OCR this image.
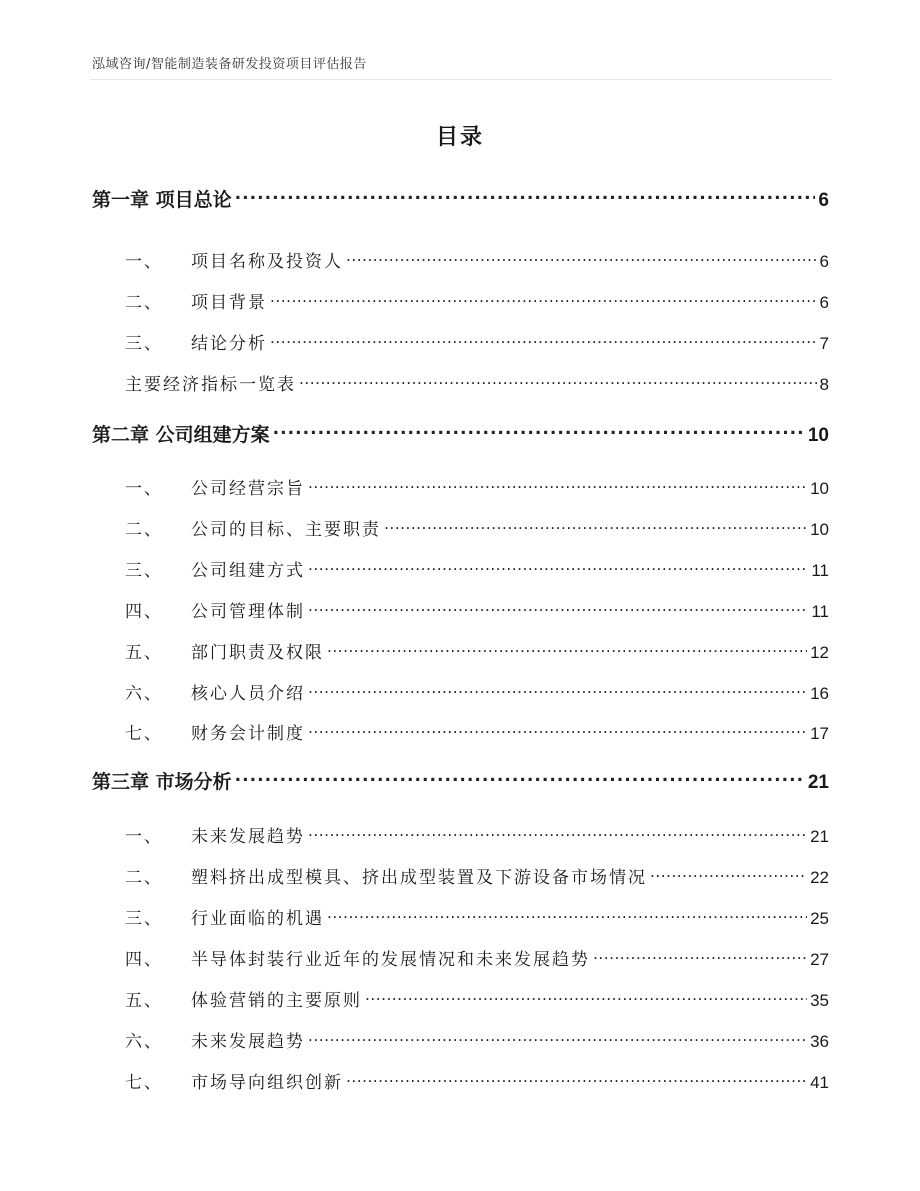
泓域咨询/智能制造装备研发投资项目评估报告
目录
第一章 项目总论 .....	6
一、 项目名称及投资人 .....	6
二、 项目背景 .....	6
三、 结论分析 .....	7
主要经济指标一览表 .....	8
第二章 公司组建方案 .....	10
一、 公司经营宗旨 .....	10
二、 公司的目标、主要职责 .....	10
三、 公司组建方式 .....	11
四、 公司管理体制 .....	11
五、 部门职责及权限 .....	12
六、 核心人员介绍 .....	16
七、 财务会计制度 .....	17
第三章 市场分析 .....	21
一、 未来发展趋势 .....	21
二、 塑料挤出成型模具、挤出成型装置及下游设备市场情况 .....	22
三、 行业面临的机遇 .....	25
四、 半导体封装行业近年的发展情况和未来发展趋势 .....	27
五、 体验营销的主要原则 .....	35
六、 未来发展趋势 .....	36
七、 市场导向组织创新 .....	41
